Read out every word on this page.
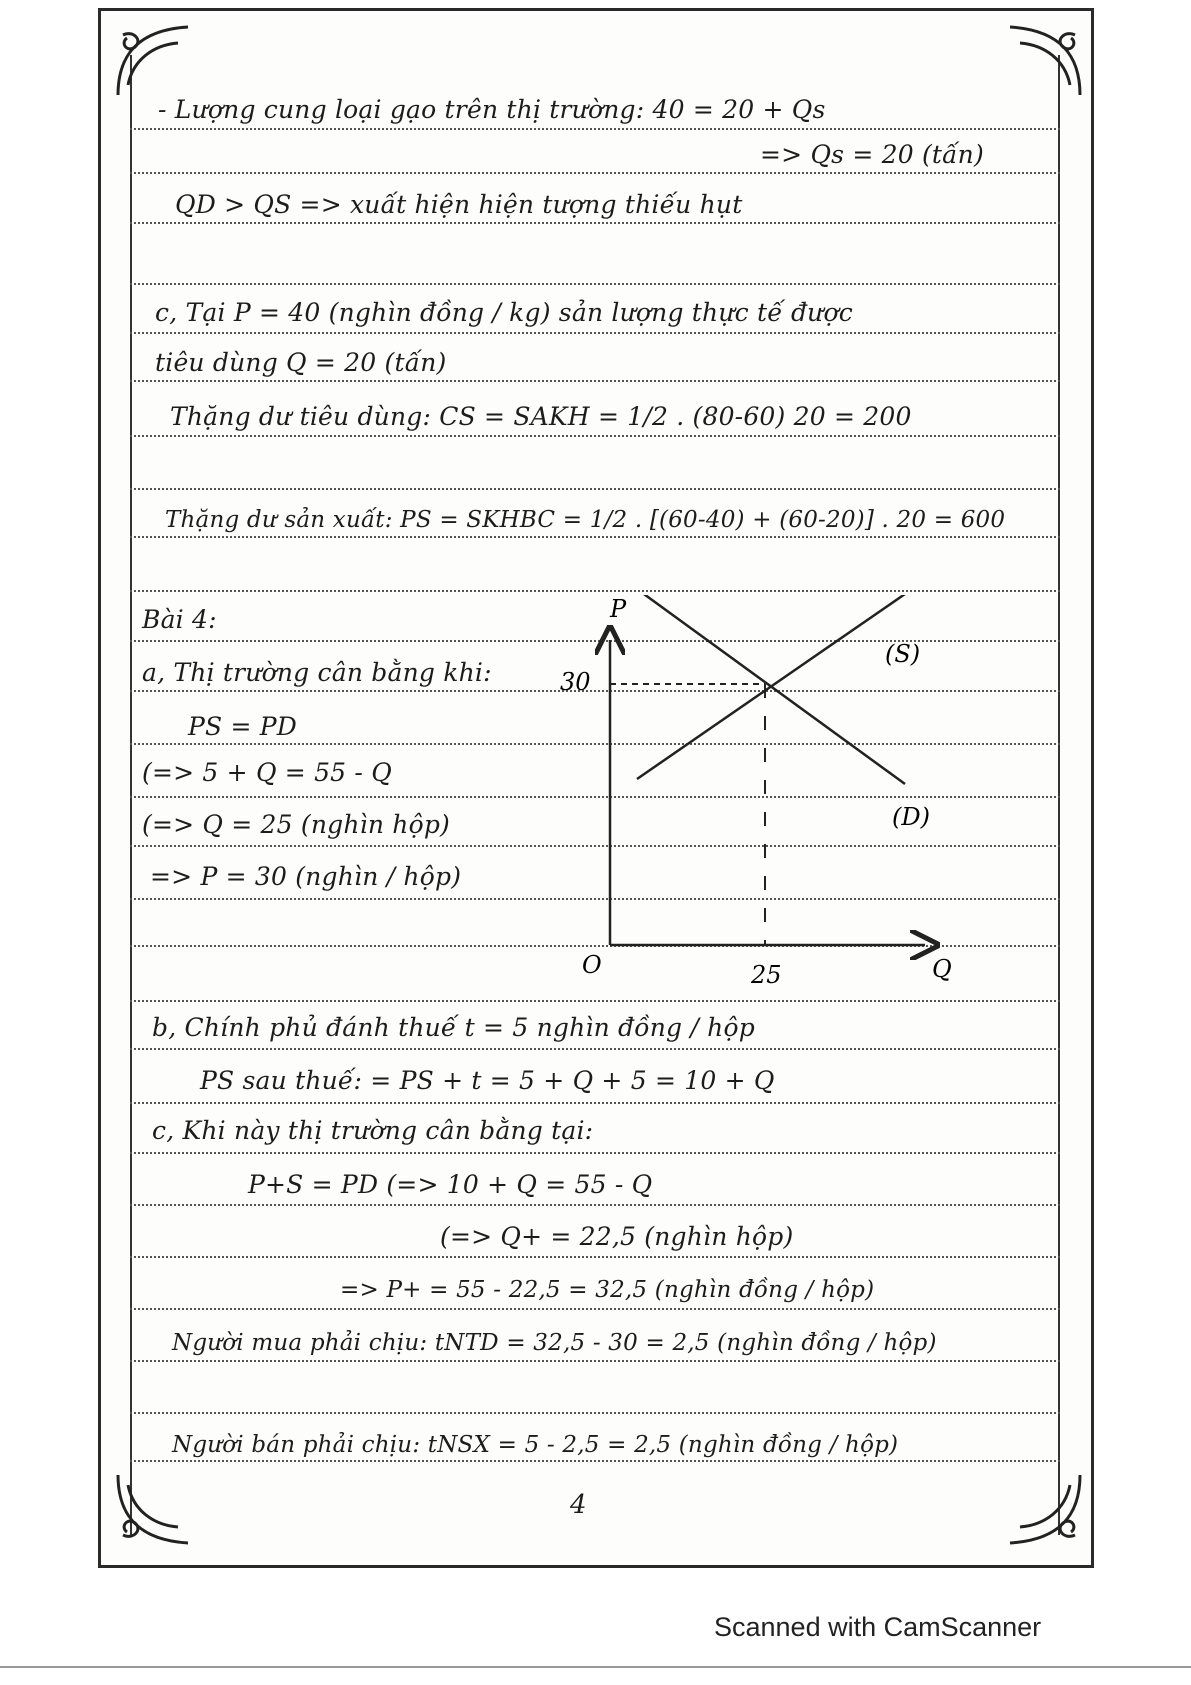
- Lượng cung loại gạo trên thị trường: 40 = 20 + Qs
=> Qs = 20 (tấn)
QD > QS => xuất hiện hiện tượng thiếu hụt
c, Tại P = 40 (nghìn đồng / kg) sản lượng thực tế được
tiêu dùng Q = 20 (tấn)
Thặng dư tiêu dùng: CS = SAKH = 1/2 . (80-60) 20 = 200
Thặng dư sản xuất: PS = SKHBC = 1/2 . [(60-40) + (60-20)] . 20 = 600
Bài 4:
a, Thị trường cân bằng khi:
PS = PD
(=> 5 + Q = 55 - Q
(=> Q = 25 (nghìn hộp)
=> P = 30 (nghìn / hộp)
P
Q
O
30
25
(S)
(D)
b, Chính phủ đánh thuế t = 5 nghìn đồng / hộp
PS sau thuế: = PS + t = 5 + Q + 5 = 10 + Q
c, Khi này thị trường cân bằng tại:
P+S = PD (=> 10 + Q = 55 - Q
(=> Q+ = 22,5 (nghìn hộp)
=> P+ = 55 - 22,5 = 32,5 (nghìn đồng / hộp)
Người mua phải chịu: tNTD = 32,5 - 30 = 2,5 (nghìn đồng / hộp)
Người bán phải chịu: tNSX = 5 - 2,5 = 2,5 (nghìn đồng / hộp)
4
Scanned with CamScanner
